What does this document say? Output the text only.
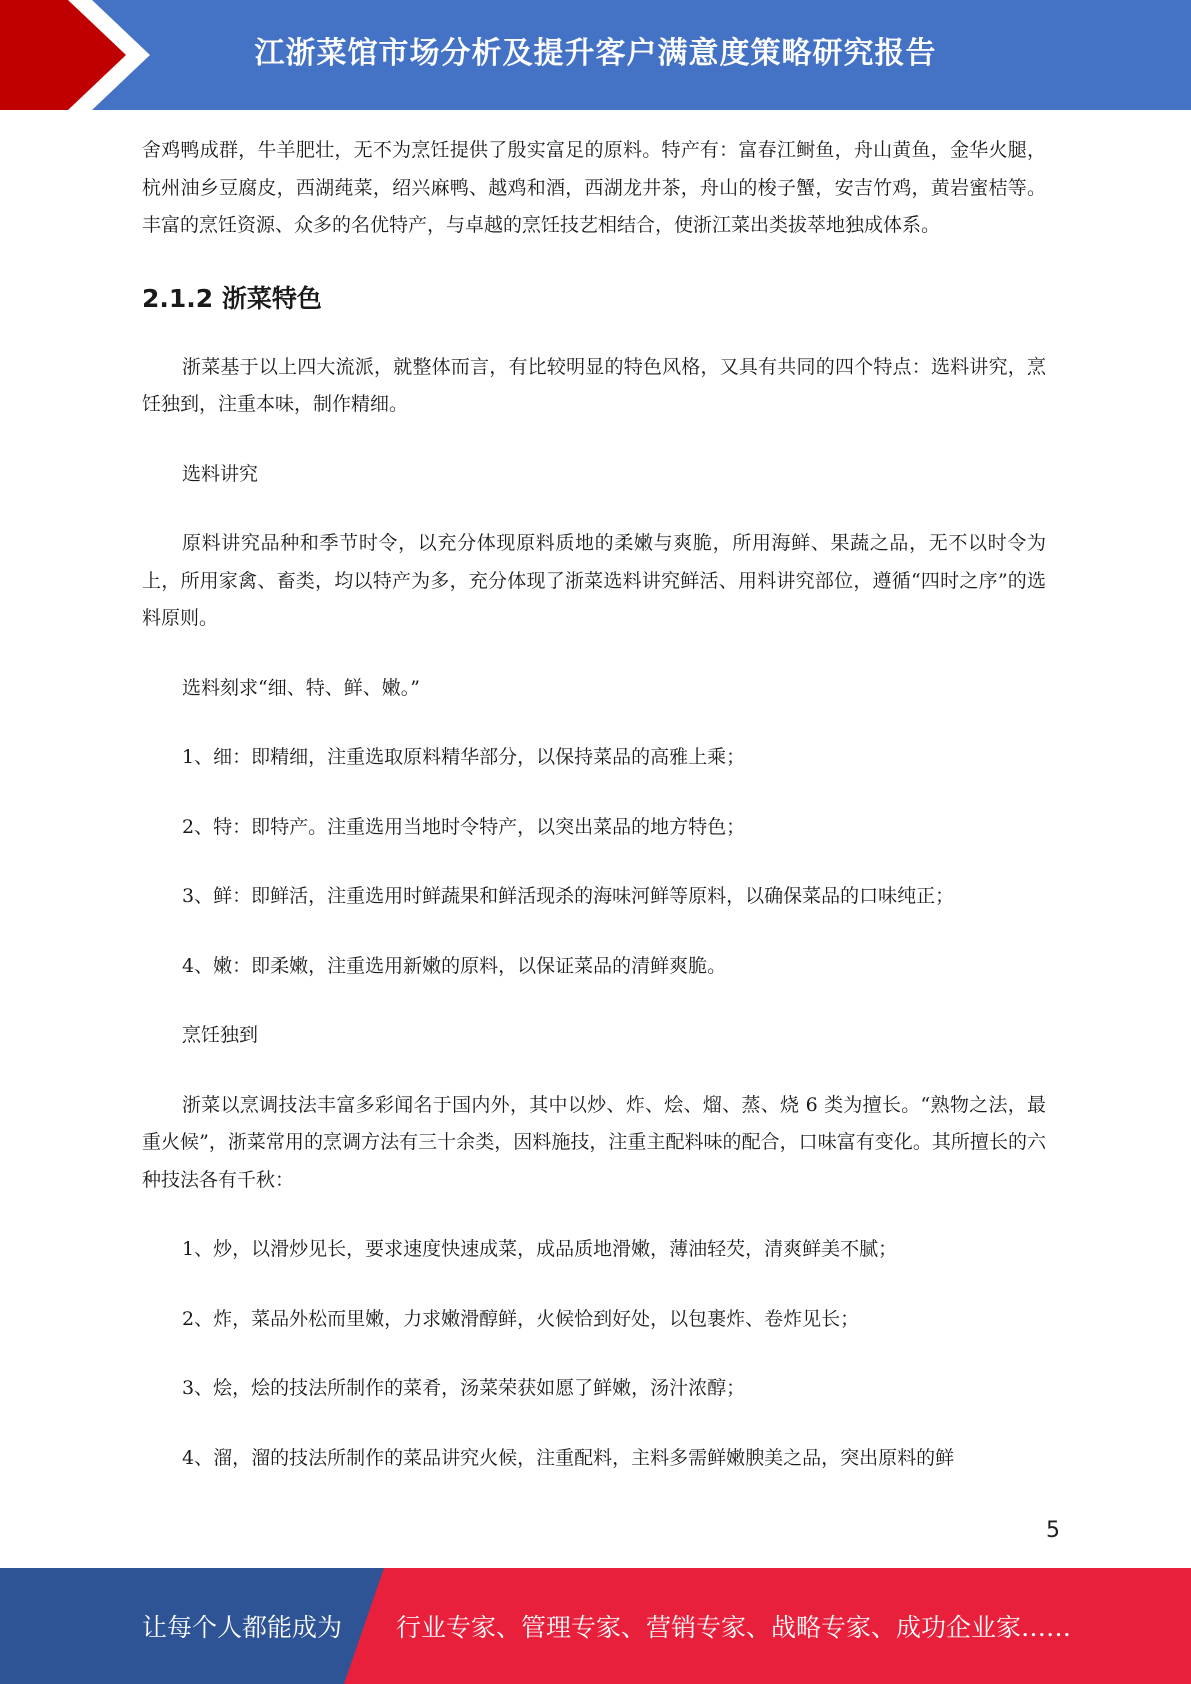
江浙菜馆市场分析及提升客户满意度策略研究报告

舍鸡鸭成群，牛羊肥壮，无不为烹饪提供了殷实富足的原料。特产有：富春江鲥鱼，舟山黄鱼，金华火腿，杭州油乡豆腐皮，西湖莼菜，绍兴麻鸭、越鸡和酒，西湖龙井茶，舟山的梭子蟹，安吉竹鸡，黄岩蜜桔等。丰富的烹饪资源、众多的名优特产，与卓越的烹饪技艺相结合，使浙江菜出类拔萃地独成体系。

2.1.2 浙菜特色

浙菜基于以上四大流派，就整体而言，有比较明显的特色风格，又具有共同的四个特点：选料讲究，烹饪独到，注重本味，制作精细。

选料讲究

原料讲究品种和季节时令，以充分体现原料质地的柔嫩与爽脆，所用海鲜、果蔬之品，无不以时令为上，所用家禽、畜类，均以特产为多，充分体现了浙菜选料讲究鲜活、用料讲究部位，遵循“四时之序”的选料原则。

选料刻求“细、特、鲜、嫩。”

1、细：即精细，注重选取原料精华部分，以保持菜品的高雅上乘；

2、特：即特产。注重选用当地时令特产，以突出菜品的地方特色；

3、鲜：即鲜活，注重选用时鲜蔬果和鲜活现杀的海味河鲜等原料，以确保菜品的口味纯正；

4、嫩：即柔嫩，注重选用新嫩的原料，以保证菜品的清鲜爽脆。

烹饪独到

浙菜以烹调技法丰富多彩闻名于国内外，其中以炒、炸、烩、熘、蒸、烧 6 类为擅长。“熟物之法，最重火候”，浙菜常用的烹调方法有三十余类，因料施技，注重主配料味的配合，口味富有变化。其所擅长的六种技法各有千秋：

1、炒，以滑炒见长，要求速度快速成菜，成品质地滑嫩，薄油轻芡，清爽鲜美不腻；

2、炸，菜品外松而里嫩，力求嫩滑醇鲜，火候恰到好处，以包裹炸、卷炸见长；

3、烩，烩的技法所制作的菜肴，汤菜荣获如愿了鲜嫩，汤汁浓醇；

4、溜，溜的技法所制作的菜品讲究火候，注重配料，主料多需鲜嫩腴美之品，突出原料的鲜

5
让每个人都能成为 行业专家、管理专家、营销专家、战略专家、成功企业家……
